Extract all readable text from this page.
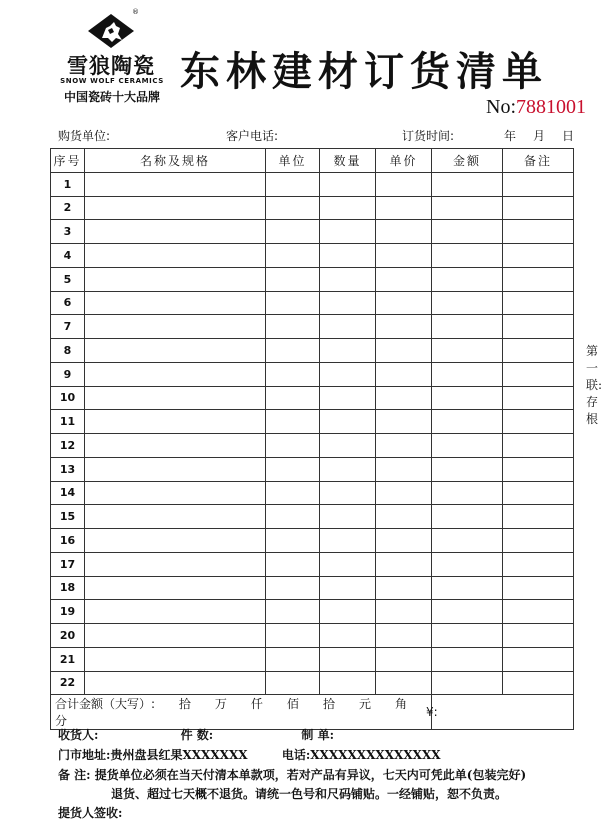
®
雪狼陶瓷
SNOW WOLF CERAMICS
中国瓷砖十大品牌
东林建材订货清单
No:7881001
购货单位:	客户电话:	订货时间:	年 月 日
序号	名称及规格	单位	数量	单价	金额	备注
1						
2						
3						
4						
5						
6						
7						
8						
9						
10						
11						
12						
13						
14						
15						
16						
17						
18						
19						
20						
21						
22						
合计金额（大写）: 拾 万 仟 佰 拾 元 角分					¥:	
收货人:	件 数:	制 单:
门市地址:贵州盘县红果XXXXXXX	电话:XXXXXXXXXXXXXX
备 注: 提货单位必须在当天付清本单款项，若对产品有异议，七天内可凭此单(包装完好)
退货、超过七天概不退货。请统一色号和尺码铺贴。一经铺贴，恕不负责。
提货人签收:
第一联:存根
